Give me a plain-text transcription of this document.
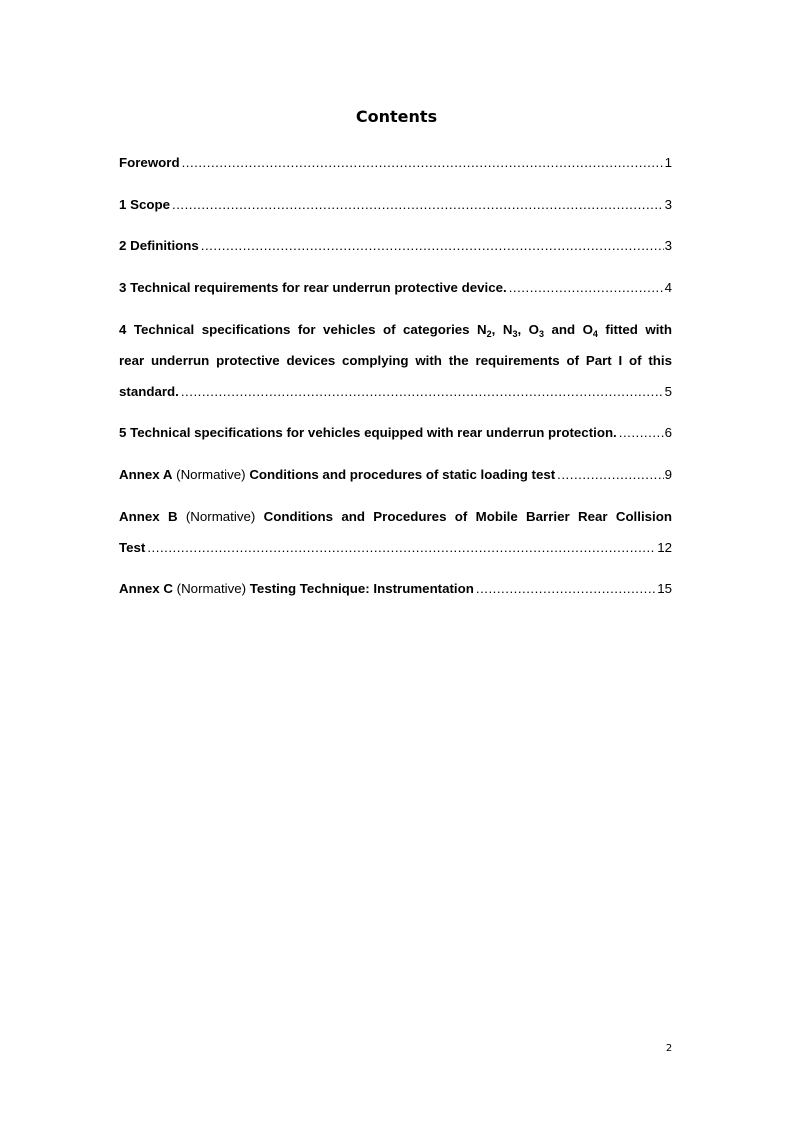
Contents
Foreword .....	1
1 Scope .....	3
2 Definitions .....	3
3 Technical requirements for rear underrun protective device. .....	4
4 Technical specifications for vehicles of categories $N_2$, $N_3$, $O_3$ and $O_4$ fitted with
rear underrun protective devices complying with the requirements of Part I of this
standard. .....	5
5 Technical specifications for vehicles equipped with rear underrun protection. .....	6
Annex A
(Normative)
Conditions and procedures of static loading test .....	9
Annex B (Normative) Conditions and Procedures of Mobile Barrier Rear Collision
Test .....	12
Annex C
(Normative)
Testing Technique: Instrumentation .....	15
2
